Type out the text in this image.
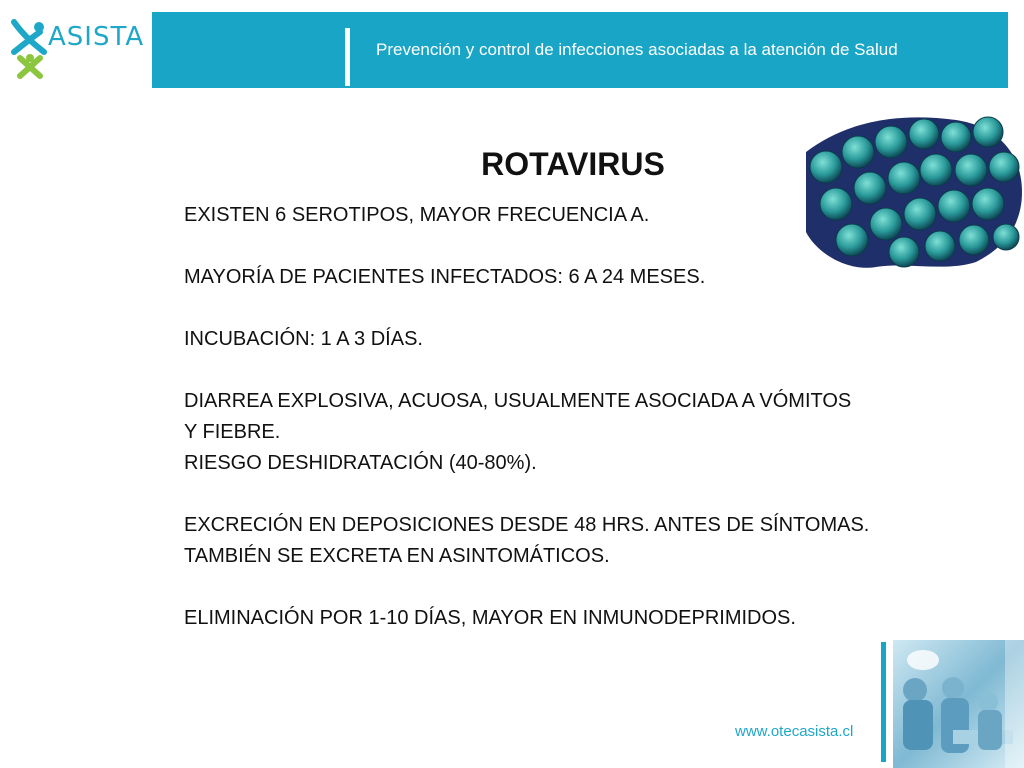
ASISTA	Prevención y control de infecciones asociadas a la atención de Salud
ROTAVIRUS
EXISTEN 6 SEROTIPOS, MAYOR FRECUENCIA A.
MAYORÍA DE PACIENTES INFECTADOS: 6 A 24 MESES.
INCUBACIÓN: 1 A 3 DÍAS.
DIARREA EXPLOSIVA, ACUOSA, USUALMENTE ASOCIADA A VÓMITOS
Y FIEBRE.
RIESGO DESHIDRATACIÓN (40-80%).
EXCRECIÓN EN DEPOSICIONES DESDE 48 HRS. ANTES DE SÍNTOMAS.
TAMBIÉN SE EXCRETA EN ASINTOMÁTICOS.
ELIMINACIÓN POR 1-10 DÍAS, MAYOR EN INMUNODEPRIMIDOS.
www.otecasista.cl
